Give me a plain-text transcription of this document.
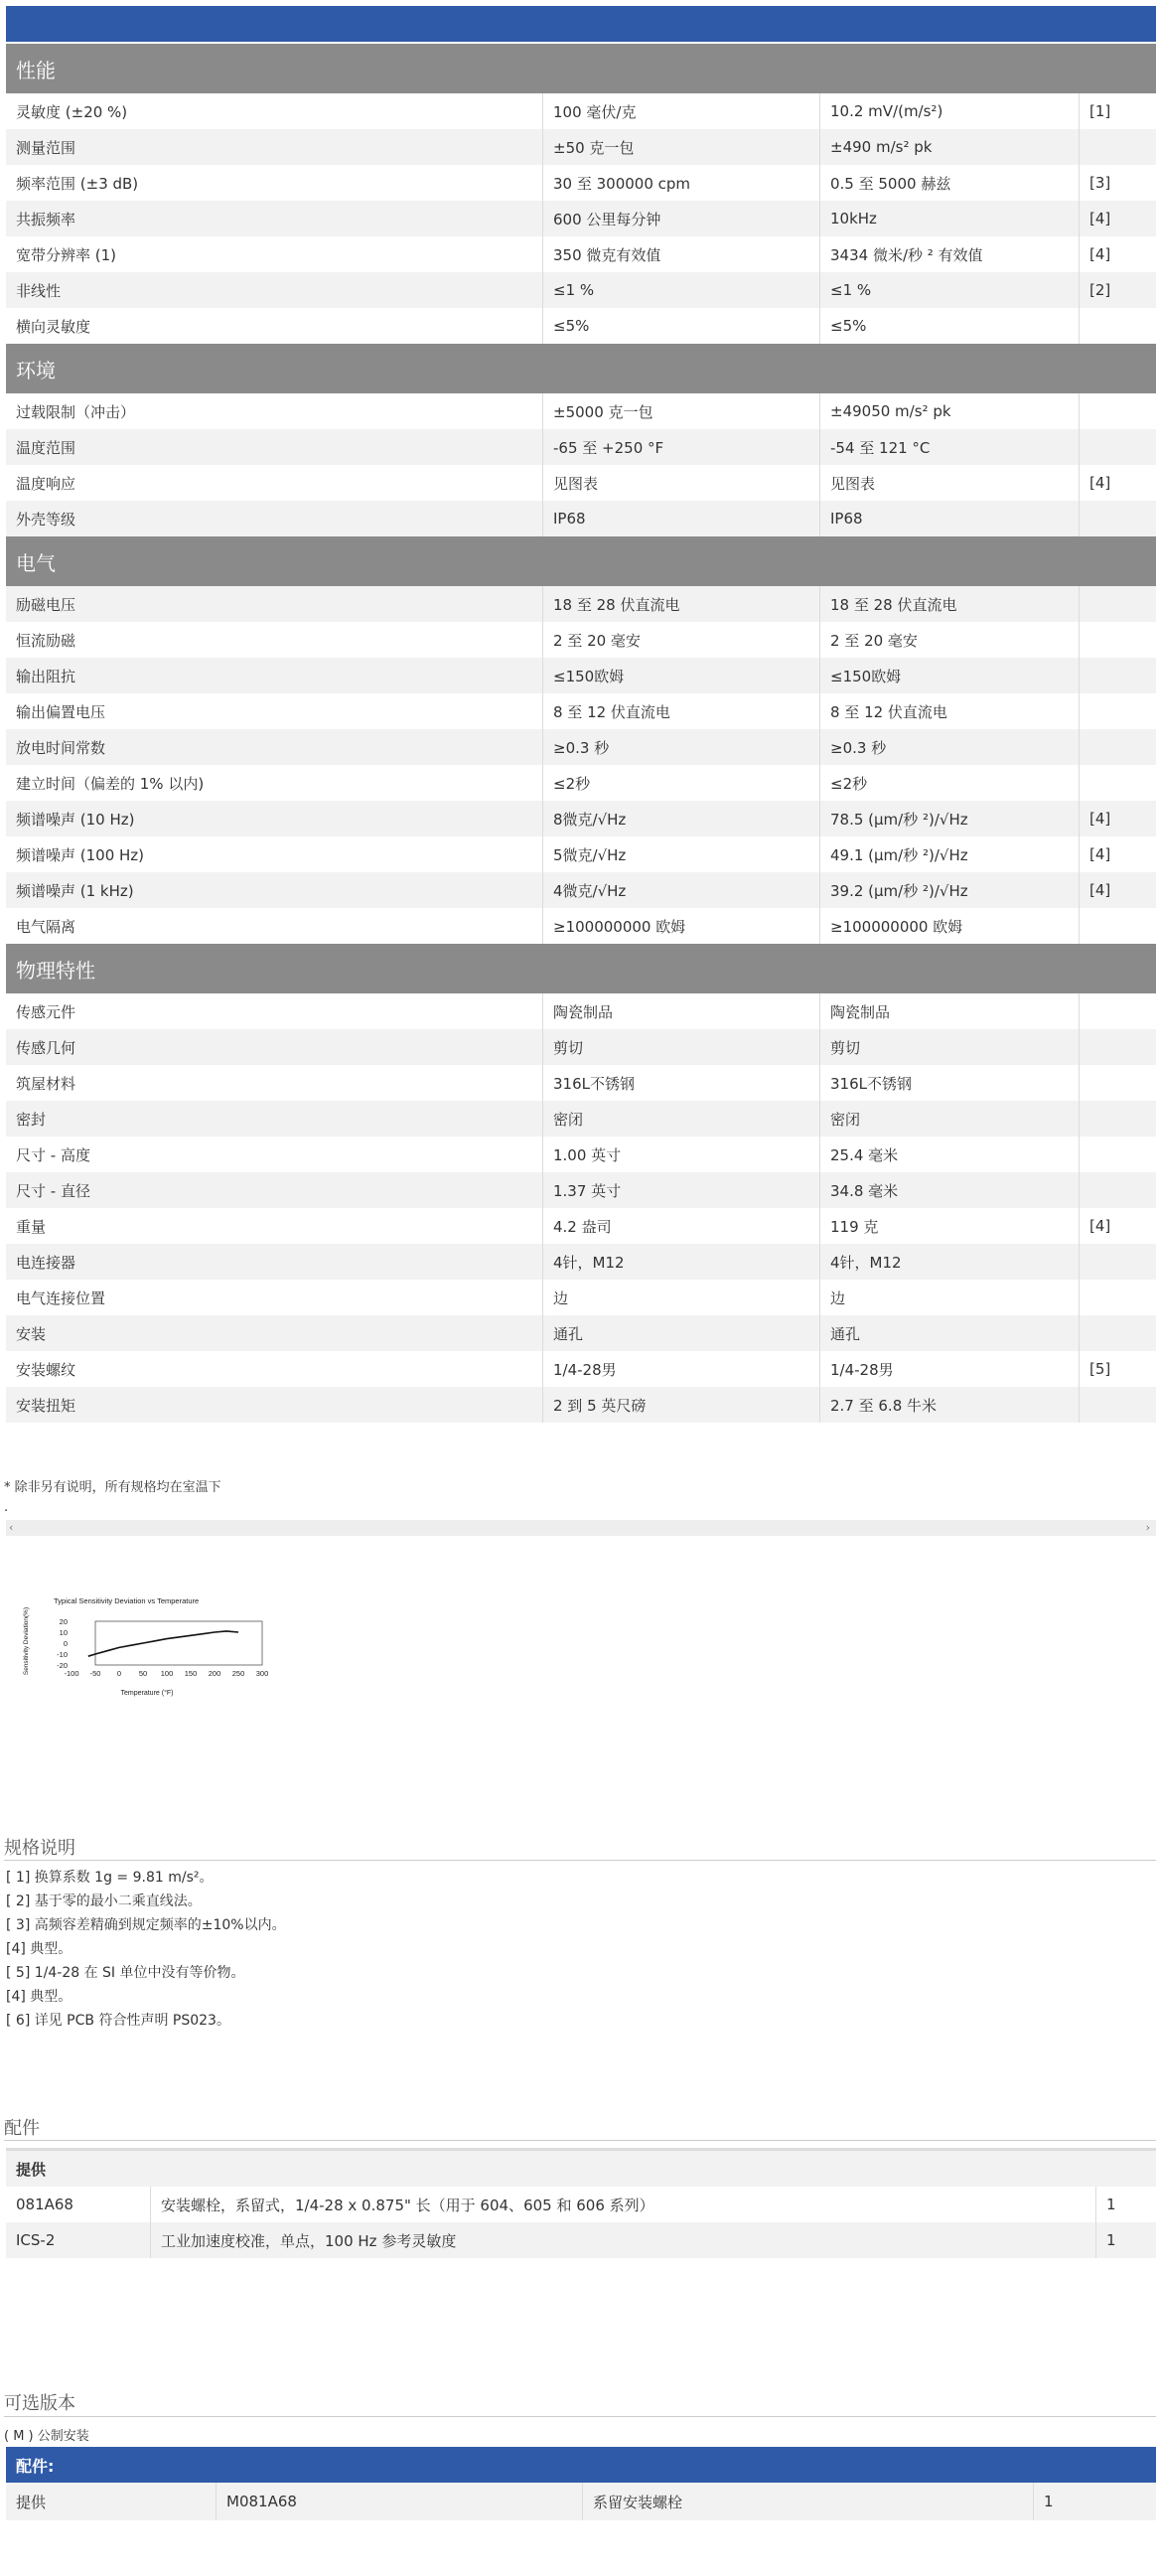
性能			
灵敏度 (±20 %)	100 毫伏/克	10.2 mV/(m/s²)	[1]
测量范围	±50 克一包	±490 m/s² pk	
频率范围 (±3 dB)	30 至 300000 cpm	0.5 至 5000 赫兹	[3]
共振频率	600 公里每分钟	10kHz	[4]
宽带分辨率 (1)	350 微克有效值	3434 微米/秒 ² 有效值	[4]
非线性	≤1 %	≤1 %	[2]
横向灵敏度	≤5%	≤5%	
环境			
过载限制（冲击）	±5000 克一包	±49050 m/s² pk	
温度范围	-65 至 +250 °F	-54 至 121 °C	
温度响应	见图表	见图表	[4]
外壳等级	IP68	IP68	
电气			
励磁电压	18 至 28 伏直流电	18 至 28 伏直流电	
恒流励磁	2 至 20 毫安	2 至 20 毫安	
输出阻抗	≤150欧姆	≤150欧姆	
输出偏置电压	8 至 12 伏直流电	8 至 12 伏直流电	
放电时间常数	≥0.3 秒	≥0.3 秒	
建立时间（偏差的 1% 以内)	≤2秒	≤2秒	
频谱噪声 (10 Hz)	8微克/√Hz	78.5 (μm/秒 ²)/√Hz	[4]
频谱噪声 (100 Hz)	5微克/√Hz	49.1 (μm/秒 ²)/√Hz	[4]
频谱噪声 (1 kHz)	4微克/√Hz	39.2 (μm/秒 ²)/√Hz	[4]
电气隔离	≥100000000 欧姆	≥100000000 欧姆	
物理特性			
传感元件	陶瓷制品	陶瓷制品	
传感几何	剪切	剪切	
筑屋材料	316L不锈钢	316L不锈钢	
密封	密闭	密闭	
尺寸 - 高度	1.00 英寸	25.4 毫米	
尺寸 - 直径	1.37 英寸	34.8 毫米	
重量	4.2 盎司	119 克	[4]
电连接器	4针，M12	4针，M12	
电气连接位置	边	边	
安装	通孔	通孔	
安装螺纹	1/4-28男	1/4-28男	[5]
安装扭矩	2 到 5 英尺磅	2.7 至 6.8 牛米	
* 除非另有说明，所有规格均在室温下
.
‹	›
Typical Sensitivity Deviation vs Temperature
20
10
0
-10
-20
-100 -50 0 50 100 150 200 250 300
Sensitivity Deviation(%)
Temperature (°F)
规格说明
[ 1] 换算系数 1g = 9.81 m/s²。
[ 2] 基于零的最小二乘直线法。
[ 3] 高频容差精确到规定频率的±10%以内。
[4] 典型。
[ 5] 1/4-28 在 SI 单位中没有等价物。
[4] 典型。
[ 6] 详见 PCB 符合性声明 PS023。
配件
提供		
081A68	安装螺栓，系留式，1/4-28 x 0.875" 长（用于 604、605 和 606 系列）	1
ICS-2	工业加速度校准，单点，100 Hz 参考灵敏度	1
可选版本
( M ) 公制安装
配件:
提供	M081A68	系留安装螺栓	1
